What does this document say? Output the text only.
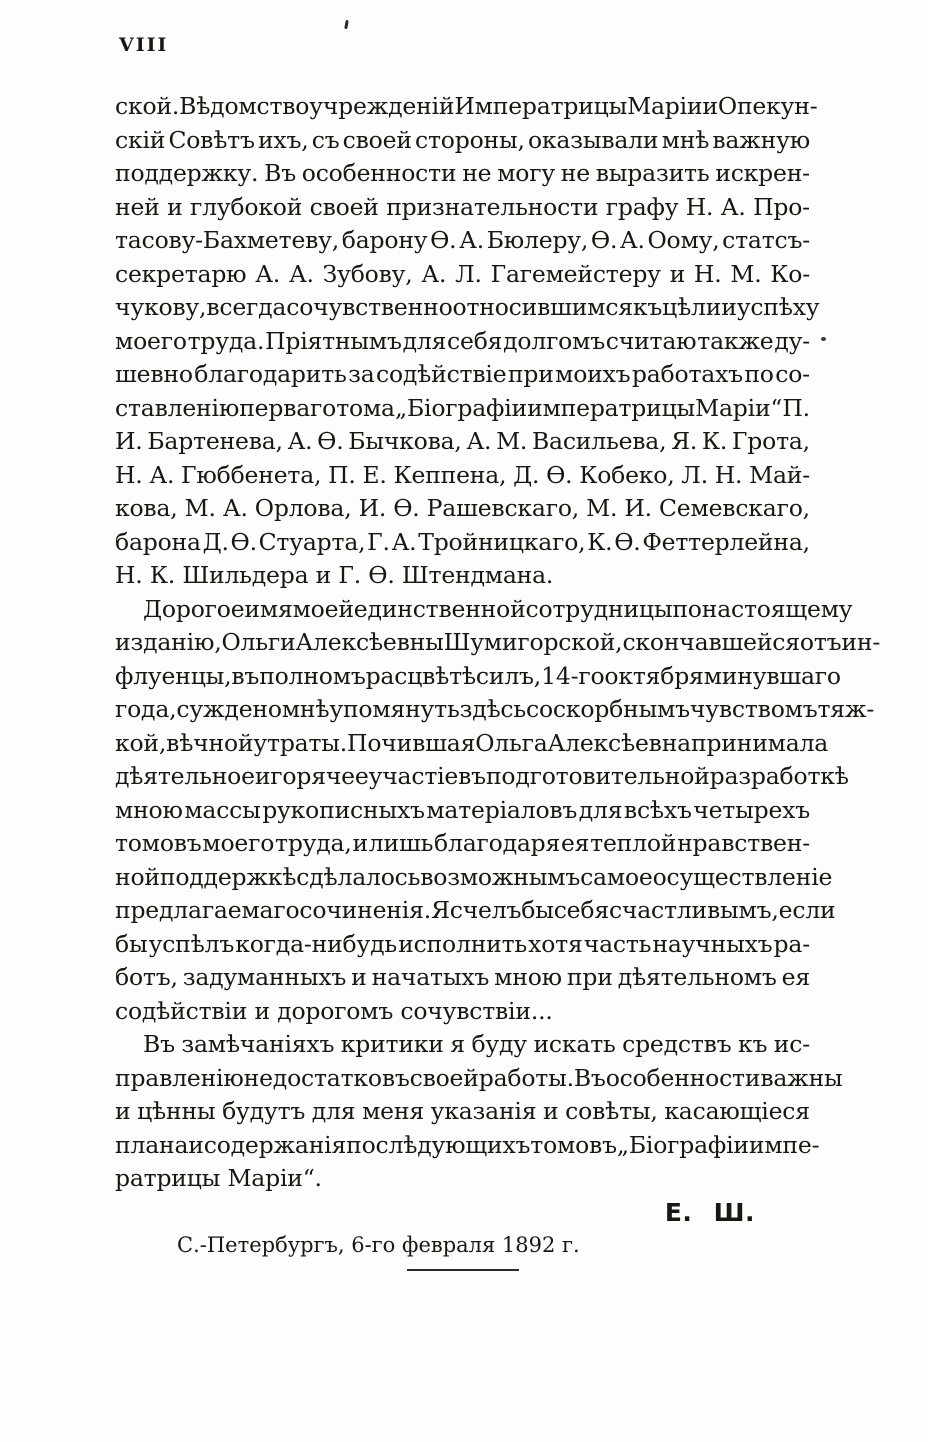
VIII
ской. Вѣдомство учрежденій Императрицы Маріи и Опекун-
скій Совѣтъ ихъ, съ своей стороны, оказывали мнѣ важную
поддержку. Въ особенности не могу не выразить искрен-
ней и глубокой своей признательности графу Н. А. Про-
тасову-Бахметеву, барону Ѳ. А. Бюлеру, Ѳ. А. Оому, статсъ-
секретарю А. А. Зубову, А. Л. Гагемейстеру и Н. М. Ко-
чукову, всегда сочувственно относившимся къ цѣли и успѣху
моего труда. Пріятнымъ для себя долгомъ считаю также ду-
шевно благодарить за содѣйствіе при моихъ работахъ по со-
ставленію перваго тома „Біографіи императрицы Маріи“ П.
И. Бартенева, А. Ѳ. Бычкова, А. М. Васильева, Я. К. Грота,
Н. А. Гюббенета, П. Е. Кеппена, Д. Ѳ. Кобеко, Л. Н. Май-
кова, М. А. Орлова, И. Ѳ. Рашевскаго, М. И. Семевскаго,
барона Д. Ѳ. Стуарта, Г. А. Тройницкаго, К. Ѳ. Феттерлейна,
Н. К. Шильдера и Г. Ѳ. Штендмана.
Дорогое имя моей единственной сотрудницы по настоящему
изданію, Ольги Алексѣевны Шумигорской, скончавшейся отъ ин-
флуенцы, въ полномъ расцвѣтѣ силъ, 14-го октября минувшаго
года, суждено мнѣ упомянуть здѣсь со скорбнымъ чувствомъ тяж-
кой, вѣчной утраты. Почившая Ольга Алексѣевна принимала
дѣятельное и горячее участіе въ подготовительной разработкѣ
мною массы рукописныхъ матеріаловъ для всѣхъ четырехъ
томовъ моего труда, и лишь благодаря ея теплой нравствен-
ной поддержкѣ сдѣлалось возможнымъ самое осуществленіе
предлагаемаго сочиненія. Я счелъ бы себя счастливымъ, если
бы успѣлъ когда-нибудь исполнить хотя часть научныхъ ра-
ботъ, задуманныхъ и начатыхъ мною при дѣятельномъ ея
содѣйствіи и дорогомъ сочувствіи...
Въ замѣчаніяхъ критики я буду искать средствъ къ ис-
правленію недостатковъ своей работы. Въ особенности важны
и цѣнны будутъ для меня указанія и совѣты, касающіеся
плана и содержанія послѣдующихъ томовъ „Біографіи импе-
ратрицы Маріи“.
Е. Ш.
С.-Петербургъ, 6-го февраля 1892 г.
